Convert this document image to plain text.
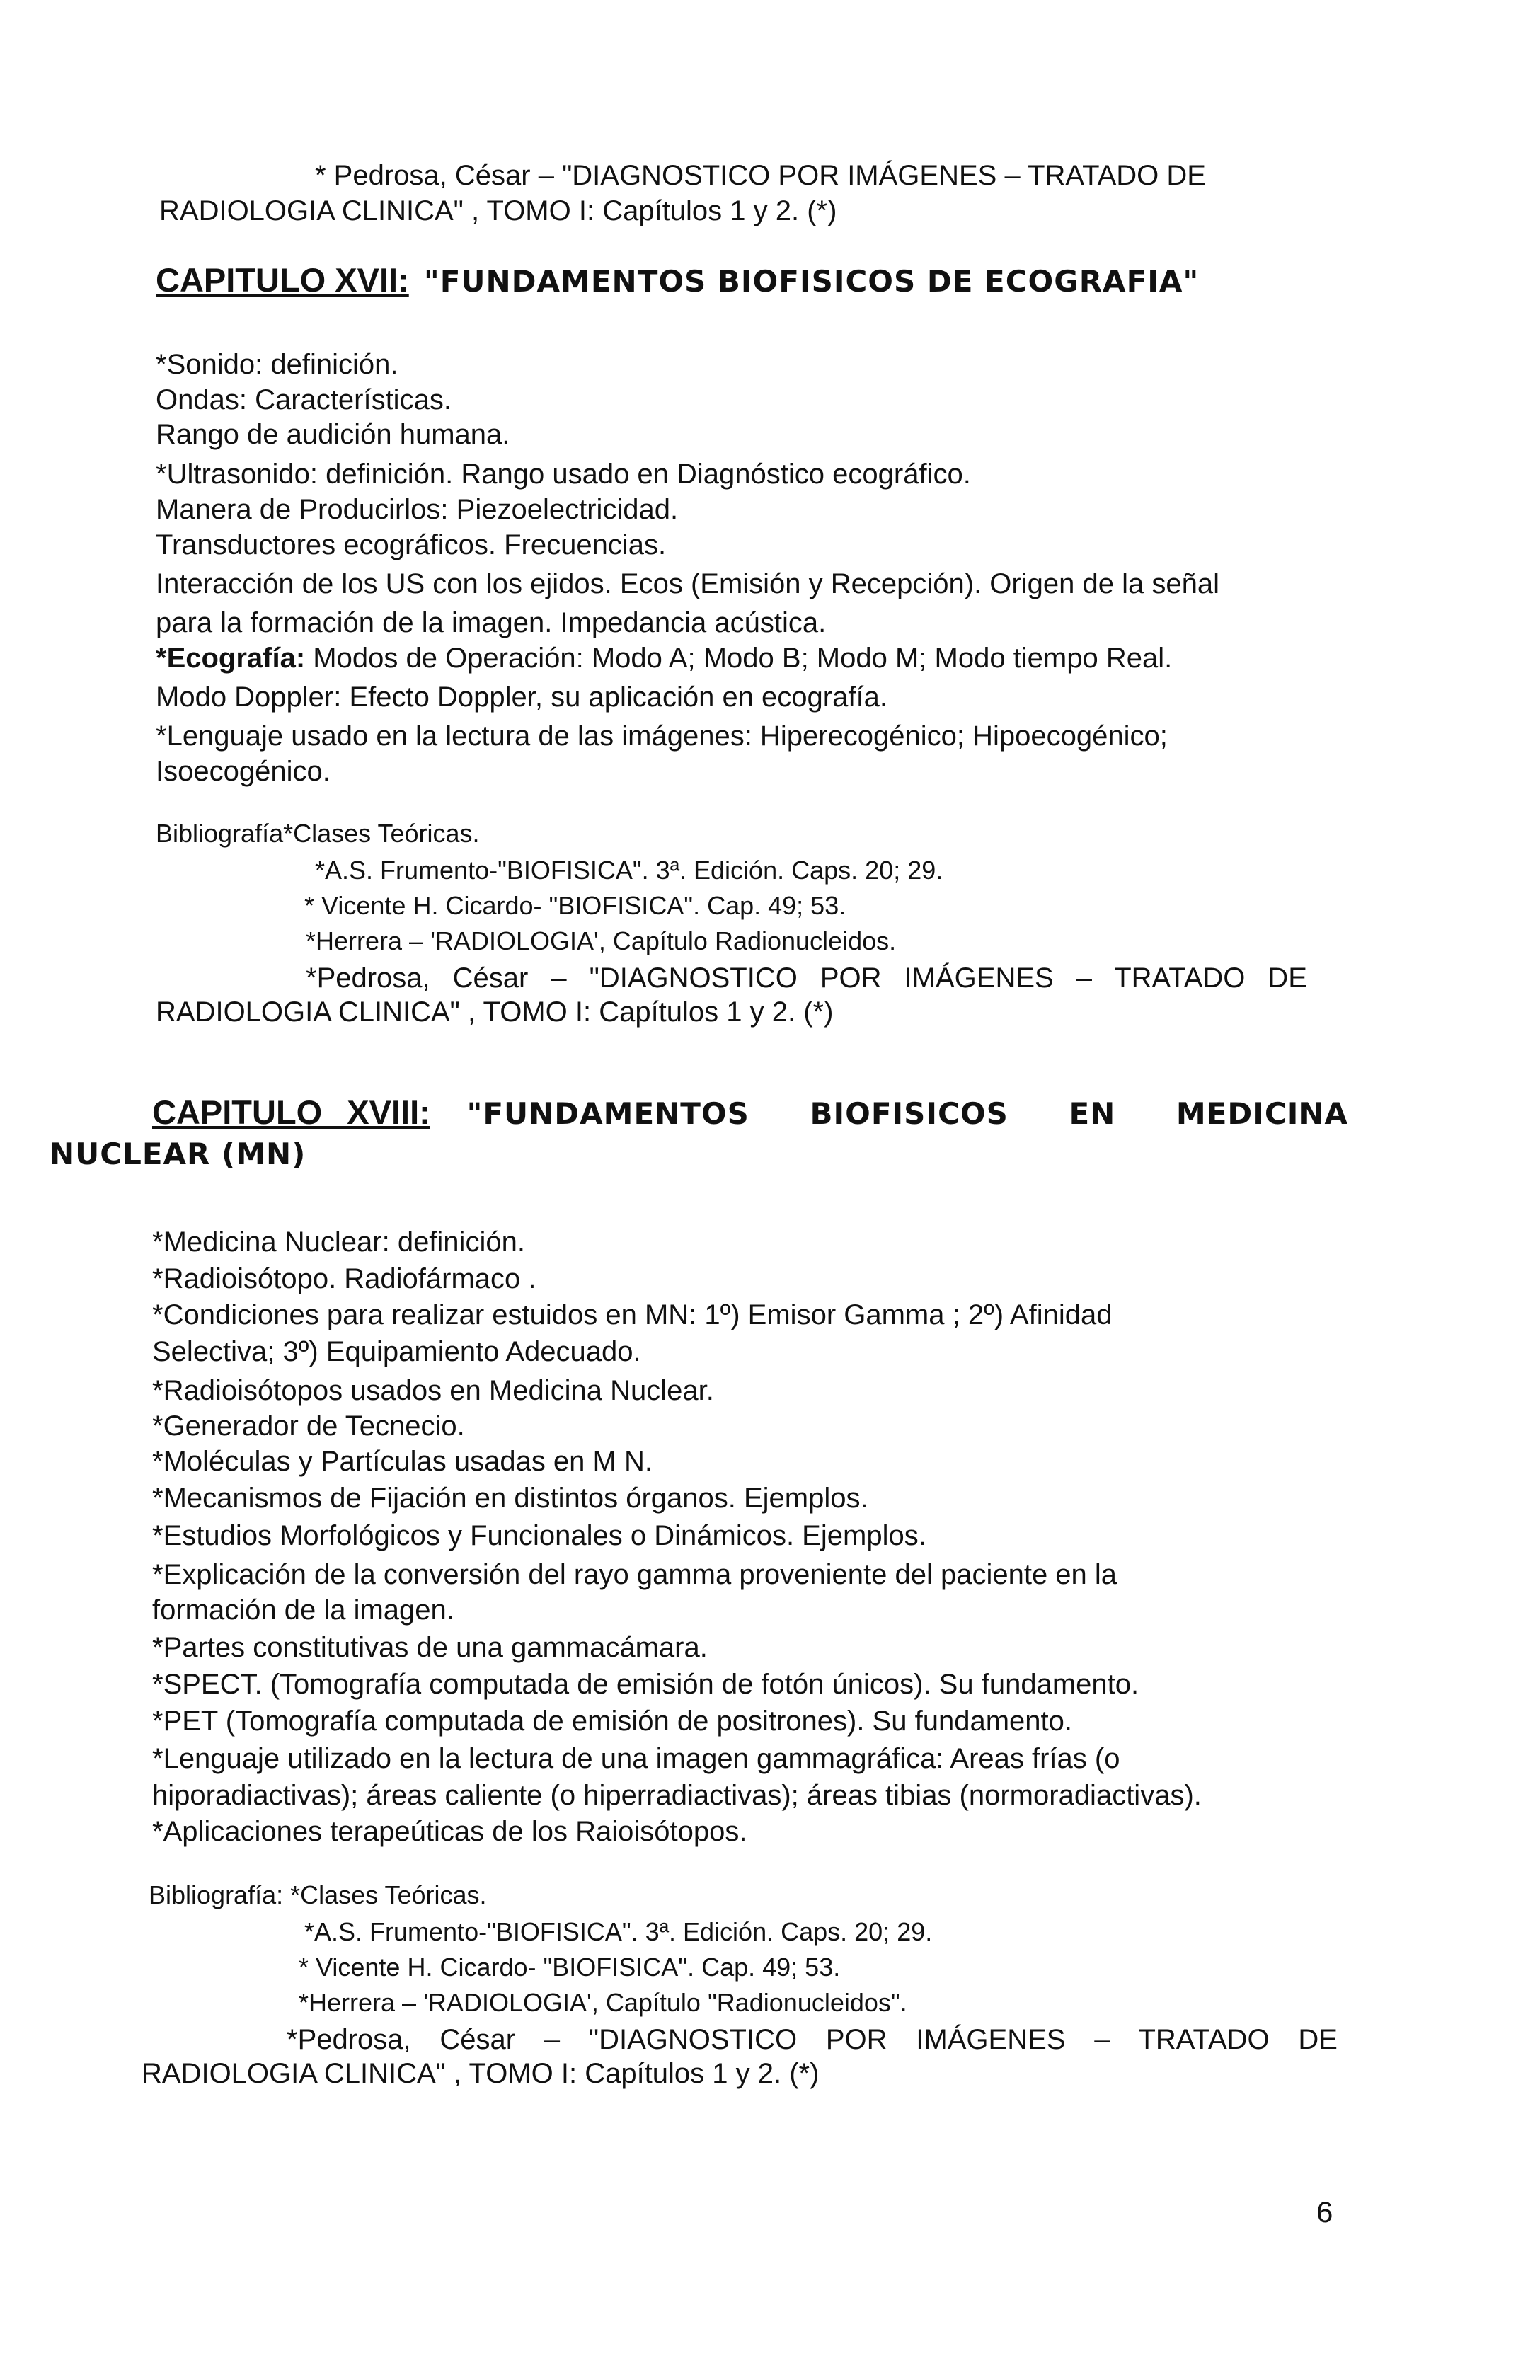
* Pedrosa, César – "DIAGNOSTICO POR IMÁGENES – TRATADO DE
RADIOLOGIA CLINICA" , TOMO I: Capítulos 1 y 2. (*)
CAPITULO XVII: "FUNDAMENTOS BIOFISICOS DE ECOGRAFIA"
*Sonido: definición.
Ondas: Características.
Rango de audición humana.
*Ultrasonido: definición. Rango usado en Diagnóstico ecográfico.
Manera de Producirlos: Piezoelectricidad.
Transductores ecográficos. Frecuencias.
Interacción de los US con los ejidos. Ecos (Emisión y Recepción). Origen de la señal
para la formación de la imagen. Impedancia acústica.
*Ecografía: Modos de Operación: Modo A; Modo B; Modo M; Modo tiempo Real.
Modo Doppler: Efecto Doppler, su aplicación en ecografía.
*Lenguaje usado en la lectura de las imágenes: Hiperecogénico; Hipoecogénico;
Isoecogénico.
Bibliografía*Clases Teóricas.
*A.S. Frumento-"BIOFISICA". 3ª. Edición. Caps. 20; 29.
* Vicente H. Cicardo- "BIOFISICA". Cap. 49; 53.
*Herrera – 'RADIOLOGIA', Capítulo Radionucleidos.
*Pedrosa, César – "DIAGNOSTICO POR IMÁGENES – TRATADO DE
RADIOLOGIA CLINICA" , TOMO I: Capítulos 1 y 2. (*)
CAPITULO XVIII: "FUNDAMENTOS BIOFISICOS EN MEDICINA
NUCLEAR (MN)
*Medicina Nuclear: definición.
*Radioisótopo. Radiofármaco .
*Condiciones para realizar estuidos en MN: 1º) Emisor Gamma ; 2º) Afinidad
Selectiva; 3º) Equipamiento Adecuado.
*Radioisótopos usados en Medicina Nuclear.
*Generador de Tecnecio.
*Moléculas y Partículas usadas en M N.
*Mecanismos de Fijación en distintos órganos. Ejemplos.
*Estudios Morfológicos y Funcionales o Dinámicos. Ejemplos.
*Explicación de la conversión del rayo gamma proveniente del paciente en la
formación de la imagen.
*Partes constitutivas de una gammacámara.
*SPECT. (Tomografía computada de emisión de fotón únicos). Su fundamento.
*PET (Tomografía computada de emisión de positrones). Su fundamento.
*Lenguaje utilizado en la lectura de una imagen gammagráfica: Areas frías (o
hiporadiactivas); áreas caliente (o hiperradiactivas); áreas tibias (normoradiactivas).
*Aplicaciones terapeúticas de los Raioisótopos.
Bibliografía: *Clases Teóricas.
*A.S. Frumento-"BIOFISICA". 3ª. Edición. Caps. 20; 29.
* Vicente H. Cicardo- "BIOFISICA". Cap. 49; 53.
*Herrera – 'RADIOLOGIA', Capítulo "Radionucleidos".
*Pedrosa, César – "DIAGNOSTICO POR IMÁGENES – TRATADO DE
RADIOLOGIA CLINICA" , TOMO I: Capítulos 1 y 2. (*)
6
